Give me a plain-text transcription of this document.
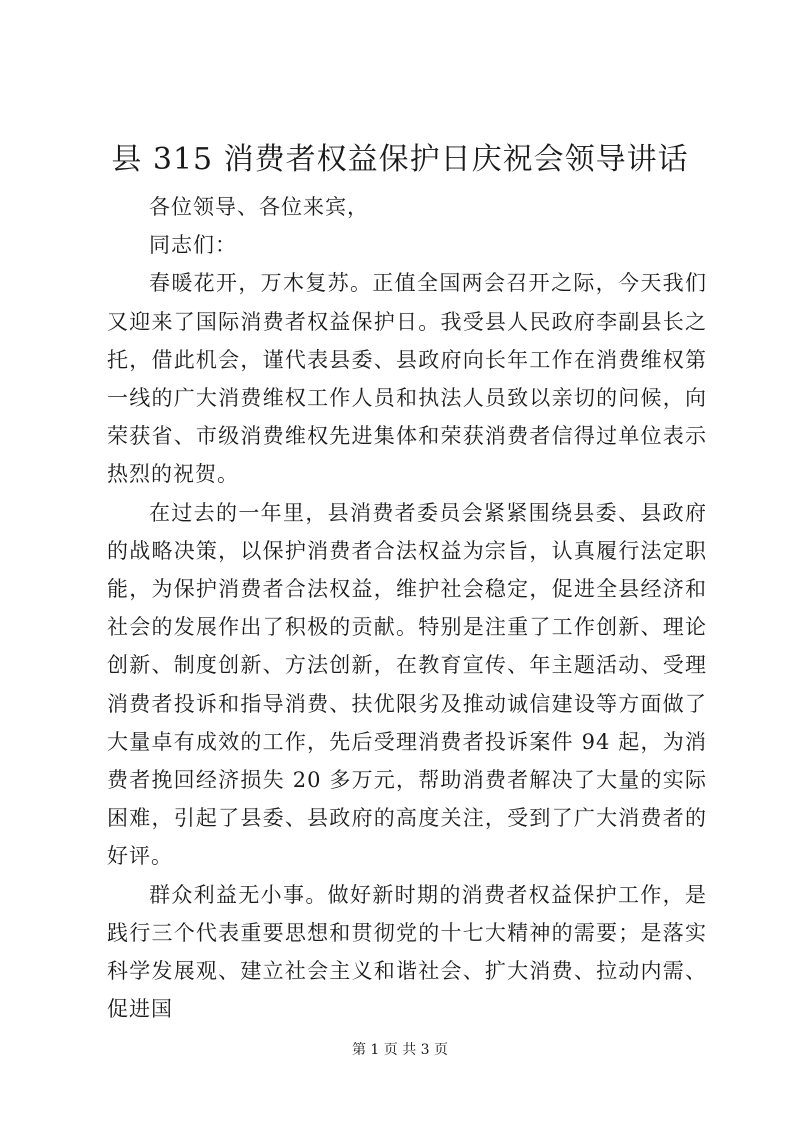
县 315 消费者权益保护日庆祝会领导讲话

各位领导、各位来宾，

同志们：

春暖花开，万木复苏。正值全国两会召开之际，今天我们又迎来了国际消费者权益保护日。我受县人民政府李副县长之托，借此机会，谨代表县委、县政府向长年工作在消费维权第一线的广大消费维权工作人员和执法人员致以亲切的问候，向荣获省、市级消费维权先进集体和荣获消费者信得过单位表示热烈的祝贺。

在过去的一年里，县消费者委员会紧紧围绕县委、县政府的战略决策，以保护消费者合法权益为宗旨，认真履行法定职能，为保护消费者合法权益，维护社会稳定，促进全县经济和社会的发展作出了积极的贡献。特别是注重了工作创新、理论创新、制度创新、方法创新，在教育宣传、年主题活动、受理消费者投诉和指导消费、扶优限劣及推动诚信建设等方面做了大量卓有成效的工作，先后受理消费者投诉案件 94 起，为消费者挽回经济损失 20 多万元，帮助消费者解决了大量的实际困难，引起了县委、县政府的高度关注，受到了广大消费者的好评。

群众利益无小事。做好新时期的消费者权益保护工作，是践行三个代表重要思想和贯彻党的十七大精神的需要；是落实科学发展观、建立社会主义和谐社会、扩大消费、拉动内需、促进国

第 1 页 共 3 页
